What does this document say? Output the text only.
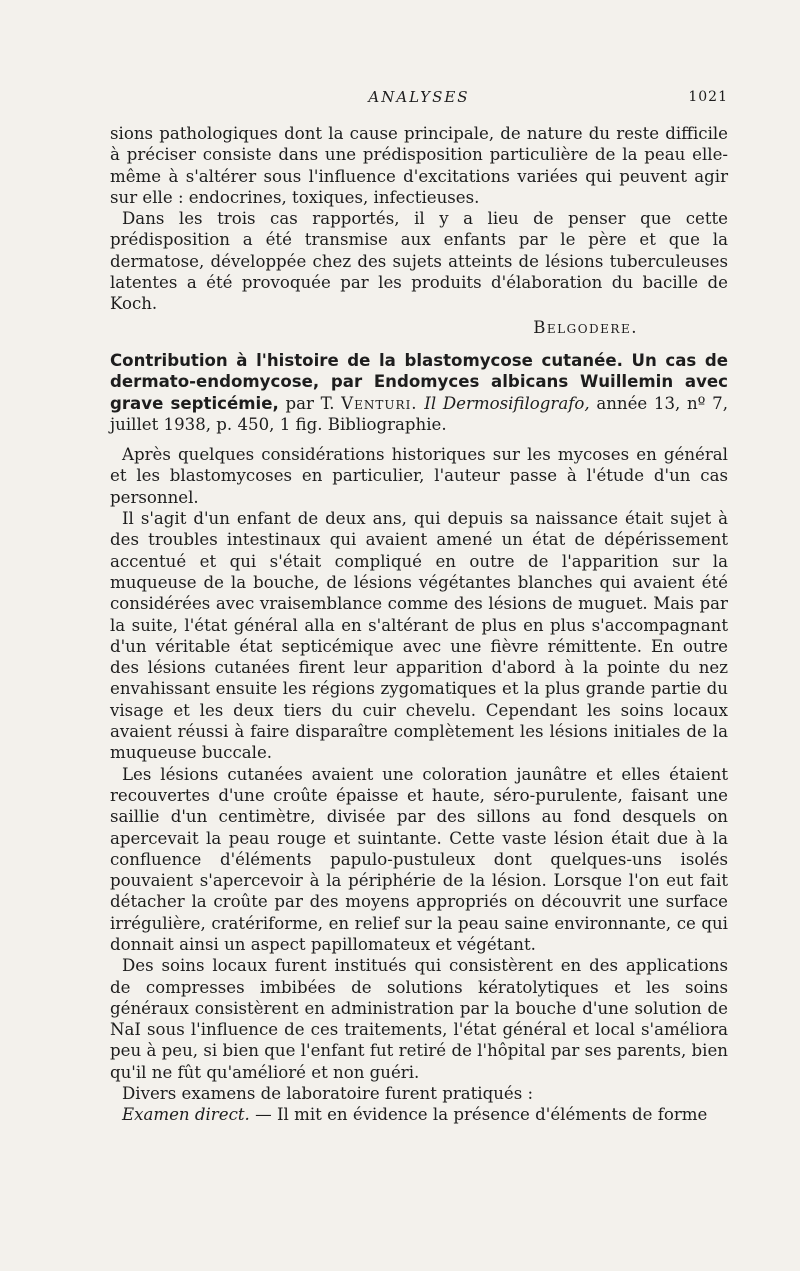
ANALYSES	1021

sions pathologiques dont la cause principale, de nature du reste difficile à préciser consiste dans une prédisposition particulière de la peau elle-même à s'altérer sous l'influence d'excitations variées qui peuvent agir sur elle : endocrines, toxiques, infectieuses.

Dans les trois cas rapportés, il y a lieu de penser que cette prédisposition a été transmise aux enfants par le père et que la dermatose, développée chez des sujets atteints de lésions tuberculeuses latentes a été provoquée par les produits d'élaboration du bacille de Koch.

Belgodere.

Contribution à l'histoire de la blastomycose cutanée. Un cas de dermato-endomycose, par Endomyces albicans Wuillemin avec grave septicémie, par T. Venturi. Il Dermosifilografo, année 13, nº 7, juillet 1938, p. 450, 1 fig. Bibliographie.

Après quelques considérations historiques sur les mycoses en général et les blastomycoses en particulier, l'auteur passe à l'étude d'un cas personnel.

Il s'agit d'un enfant de deux ans, qui depuis sa naissance était sujet à des troubles intestinaux qui avaient amené un état de dépérissement accentué et qui s'était compliqué en outre de l'apparition sur la muqueuse de la bouche, de lésions végétantes blanches qui avaient été considérées avec vraisemblance comme des lésions de muguet. Mais par la suite, l'état général alla en s'altérant de plus en plus s'accompagnant d'un véritable état septicémique avec une fièvre rémittente. En outre des lésions cutanées firent leur apparition d'abord à la pointe du nez envahissant ensuite les régions zygomatiques et la plus grande partie du visage et les deux tiers du cuir chevelu. Cependant les soins locaux avaient réussi à faire disparaître complètement les lésions initiales de la muqueuse buccale.

Les lésions cutanées avaient une coloration jaunâtre et elles étaient recouvertes d'une croûte épaisse et haute, séro-purulente, faisant une saillie d'un centimètre, divisée par des sillons au fond desquels on apercevait la peau rouge et suintante. Cette vaste lésion était due à la confluence d'éléments papulo-pustuleux dont quelques-uns isolés pouvaient s'apercevoir à la périphérie de la lésion. Lorsque l'on eut fait détacher la croûte par des moyens appropriés on découvrit une surface irrégulière, cratériforme, en relief sur la peau saine environnante, ce qui donnait ainsi un aspect papillomateux et végétant.

Des soins locaux furent institués qui consistèrent en des applications de compresses imbibées de solutions kératolytiques et les soins généraux consistèrent en administration par la bouche d'une solution de NaI sous l'influence de ces traitements, l'état général et local s'améliora peu à peu, si bien que l'enfant fut retiré de l'hôpital par ses parents, bien qu'il ne fût qu'amélioré et non guéri.

Divers examens de laboratoire furent pratiqués :

Examen direct. — Il mit en évidence la présence d'éléments de forme
